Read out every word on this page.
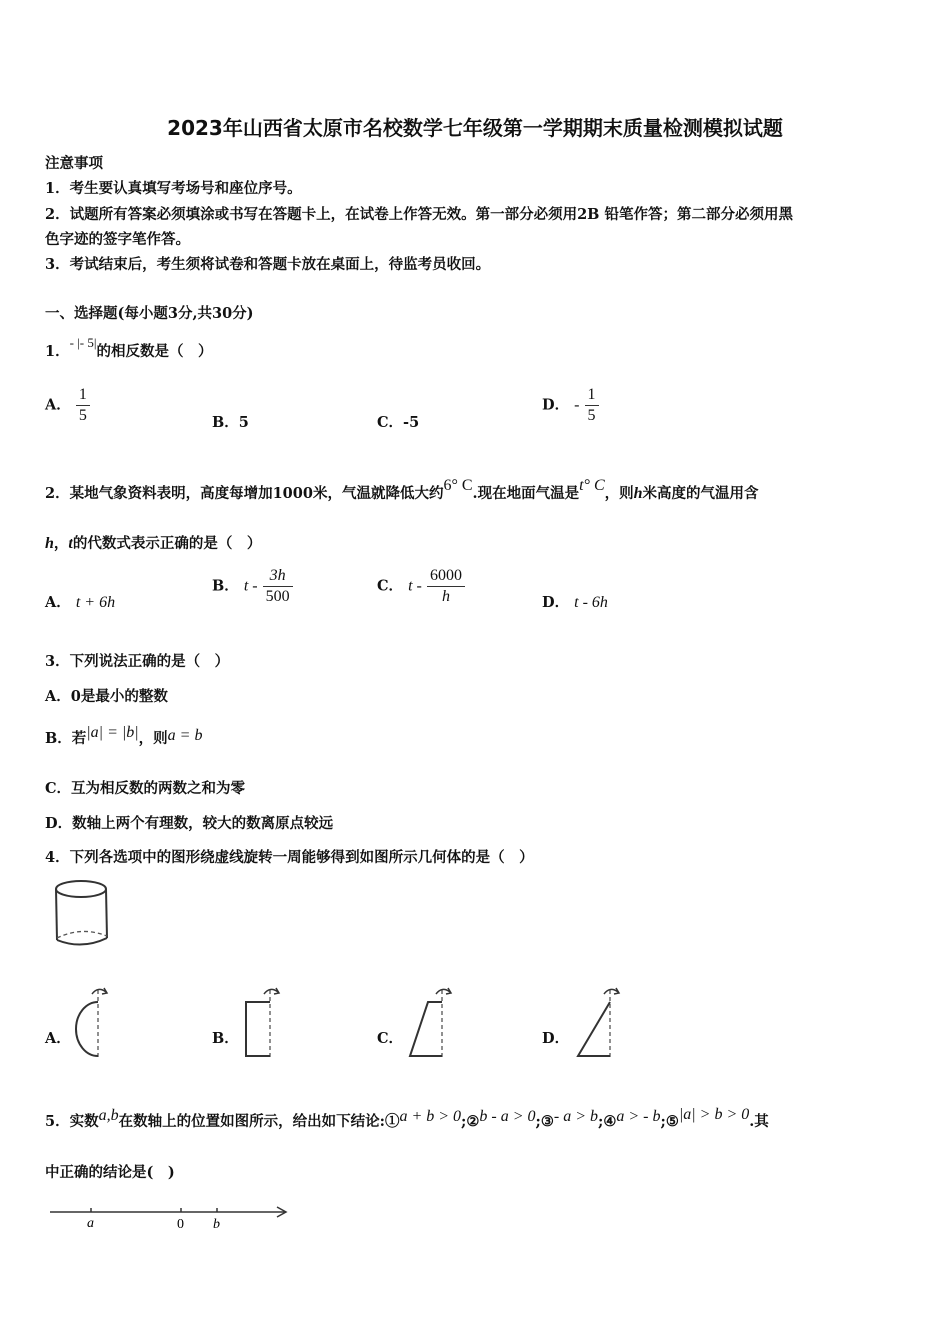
2023年山西省太原市名校数学七年级第一学期期末质量检测模拟试题
注意事项
1．考生要认真填写考场号和座位序号。
2．试题所有答案必须填涂或书写在答题卡上，在试卷上作答无效。第一部分必须用2B 铅笔作答；第二部分必须用黑
色字迹的签字笔作答。
3．考试结束后，考生须将试卷和答题卡放在桌面上，待监考员收回。
一、选择题(每小题3分,共30分)
1．- |- 5|的相反数是（　）
A． $\frac{1}{5}$	B．5	C．-5
D． - $\frac{1}{5}$
2．某地气象资料表明，高度每增加1000米，气温就降低大约6° C.现在地面气温是t° C，则h米高度的气温用含
h，t的代数式表示正确的是（　）
A． t + 6h
B． t - $\frac{3h}{500}$	C． t - $\frac{6000}{h}$	D． t - 6h
3．下列说法正确的是（　）
A．0是最小的整数
B．若|a| = |b|，则a = b
C．互为相反数的两数之和为零
D．数轴上两个有理数，较大的数离原点较远
4．下列各选项中的图形绕虚线旋转一周能够得到如图所示几何体的是（　）
A．	B．	C．	D．
5．实数a,b在数轴上的位置如图所示，给出如下结论:①a + b > 0;②b - a > 0;③- a > b;④a > - b;⑤|a| > b > 0.其
中正确的结论是(　)
a	0 b
